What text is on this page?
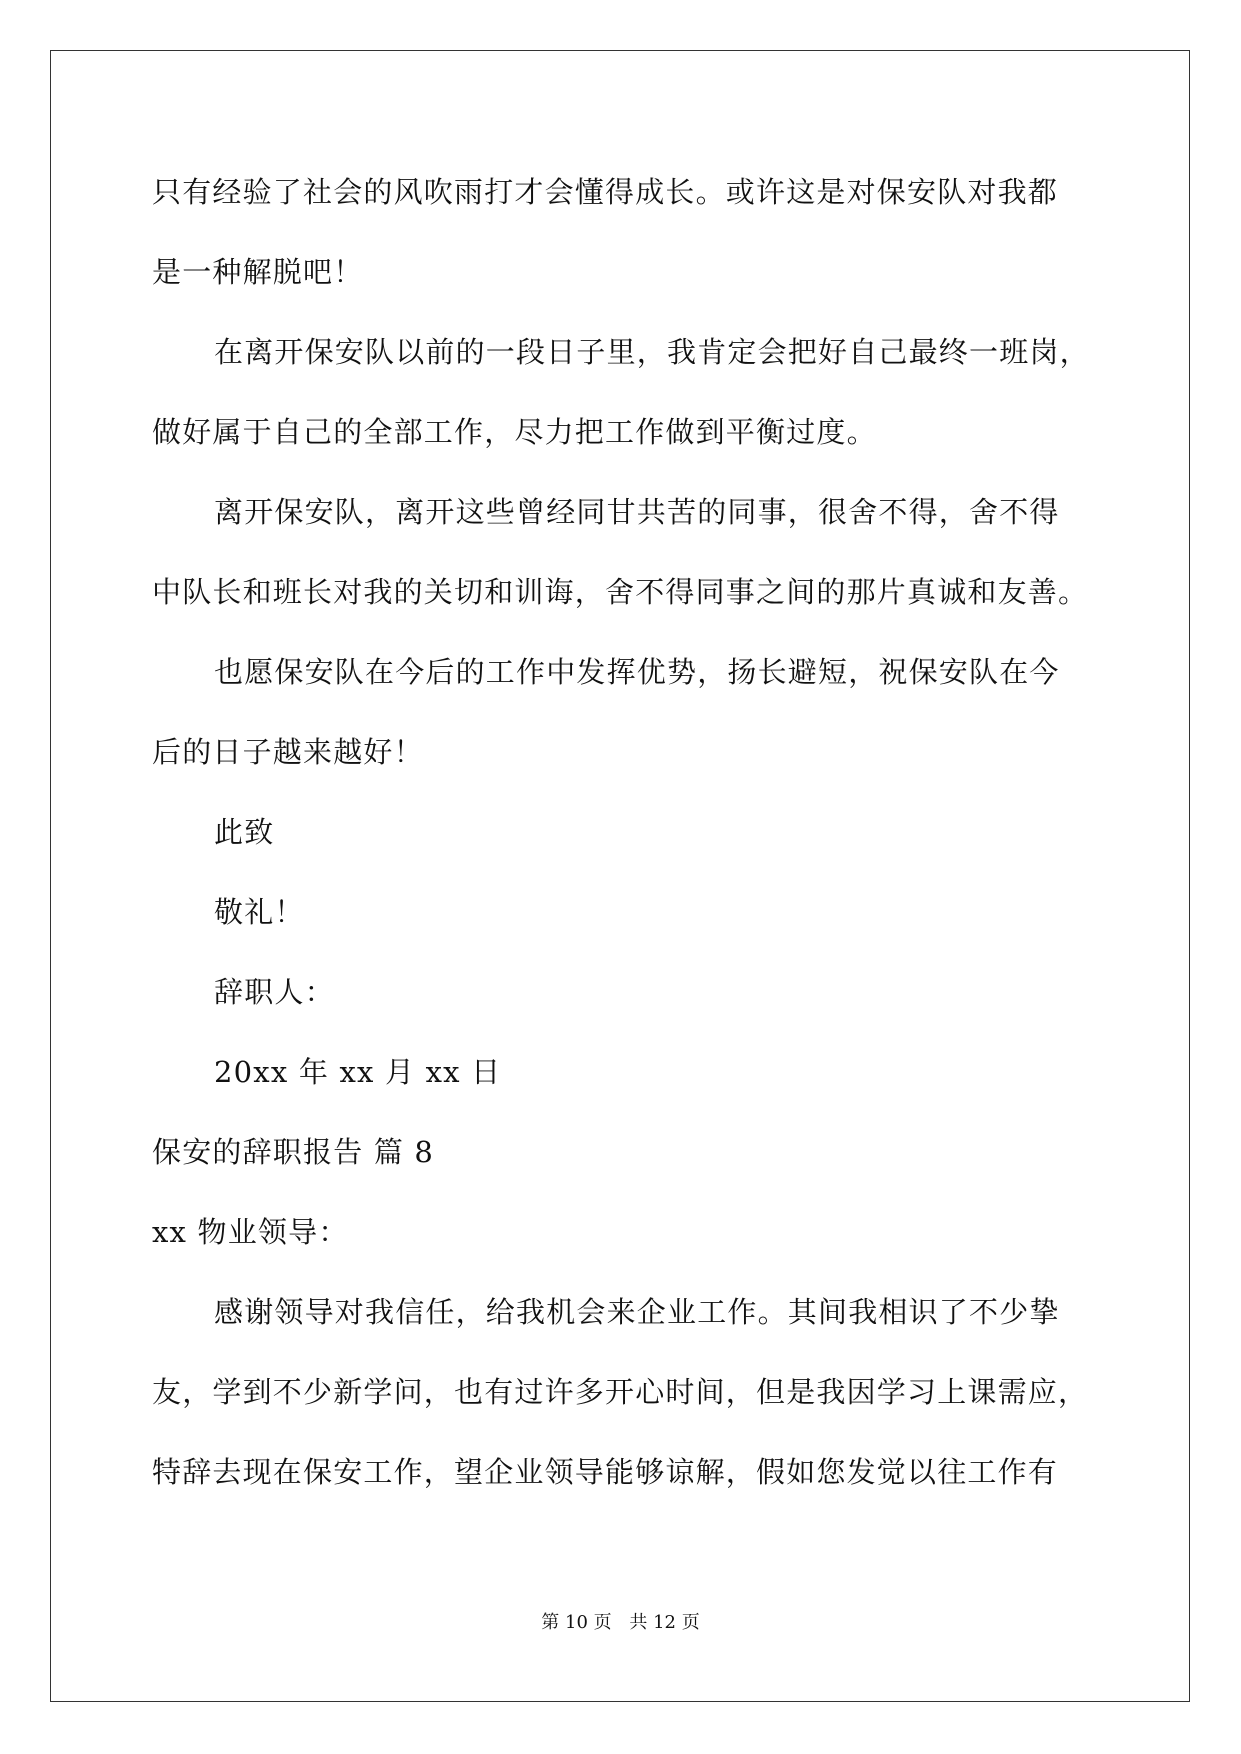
只有经验了社会的风吹雨打才会懂得成长。或许这是对保安队对我都
是一种解脱吧！
在离开保安队以前的一段日子里，我肯定会把好自己最终一班岗，
做好属于自己的全部工作，尽力把工作做到平衡过度。
离开保安队，离开这些曾经同甘共苦的同事，很舍不得，舍不得
中队长和班长对我的关切和训诲，舍不得同事之间的那片真诚和友善。
也愿保安队在今后的工作中发挥优势，扬长避短，祝保安队在今
后的日子越来越好！
此致
敬礼！
辞职人：
20xx 年 xx 月 xx 日
保安的辞职报告 篇 8
xx 物业领导：
感谢领导对我信任，给我机会来企业工作。其间我相识了不少挚
友，学到不少新学问，也有过许多开心时间，但是我因学习上课需应，
特辞去现在保安工作，望企业领导能够谅解，假如您发觉以往工作有
第 10 页 共 12 页
